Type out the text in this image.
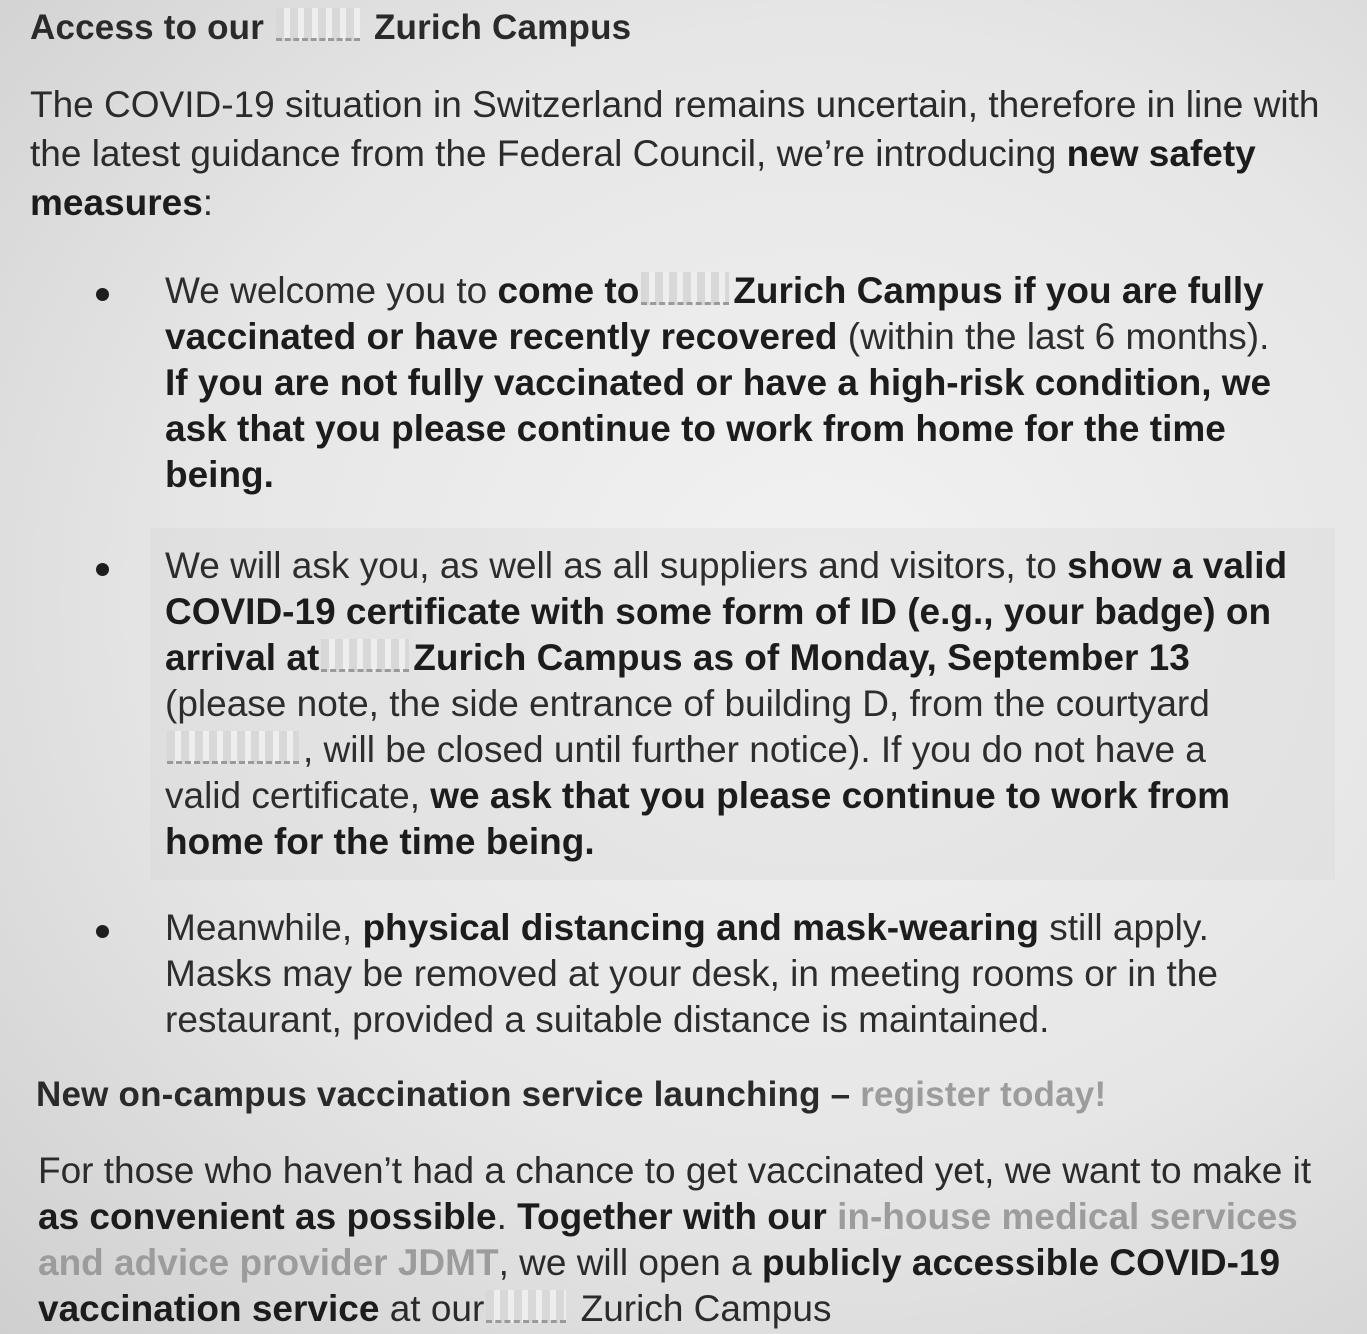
Access to our	Zurich Campus
The COVID-19 situation in Switzerland remains uncertain, therefore in line with the latest guidance from the Federal Council, we’re introducing new safety measures:
We welcome you to come to	Zurich Campus if you are fully vaccinated or have recently recovered (within the last 6 months). If you are not fully vaccinated or have a high-risk condition, we ask that you please continue to work from home for the time being.
We will ask you, as well as all suppliers and visitors, to show a valid COVID-19 certificate with some form of ID (e.g., your badge) on arrival at	Zurich Campus as of Monday, September 13 (please note, the side entrance of building D, from the courtyard, will be closed until further notice). If you do not have a valid certificate, we ask that you please continue to work from home for the time being.
Meanwhile, physical distancing and mask-wearing still apply. Masks may be removed at your desk, in meeting rooms or in the restaurant, provided a suitable distance is maintained.
New on-campus vaccination service launching – register today!
For those who haven’t had a chance to get vaccinated yet, we want to make it as convenient as possible. Together with our in-house medical services and advice provider JDMT, we will open a publicly accessible COVID-19 vaccination service at our Zurich Campus
